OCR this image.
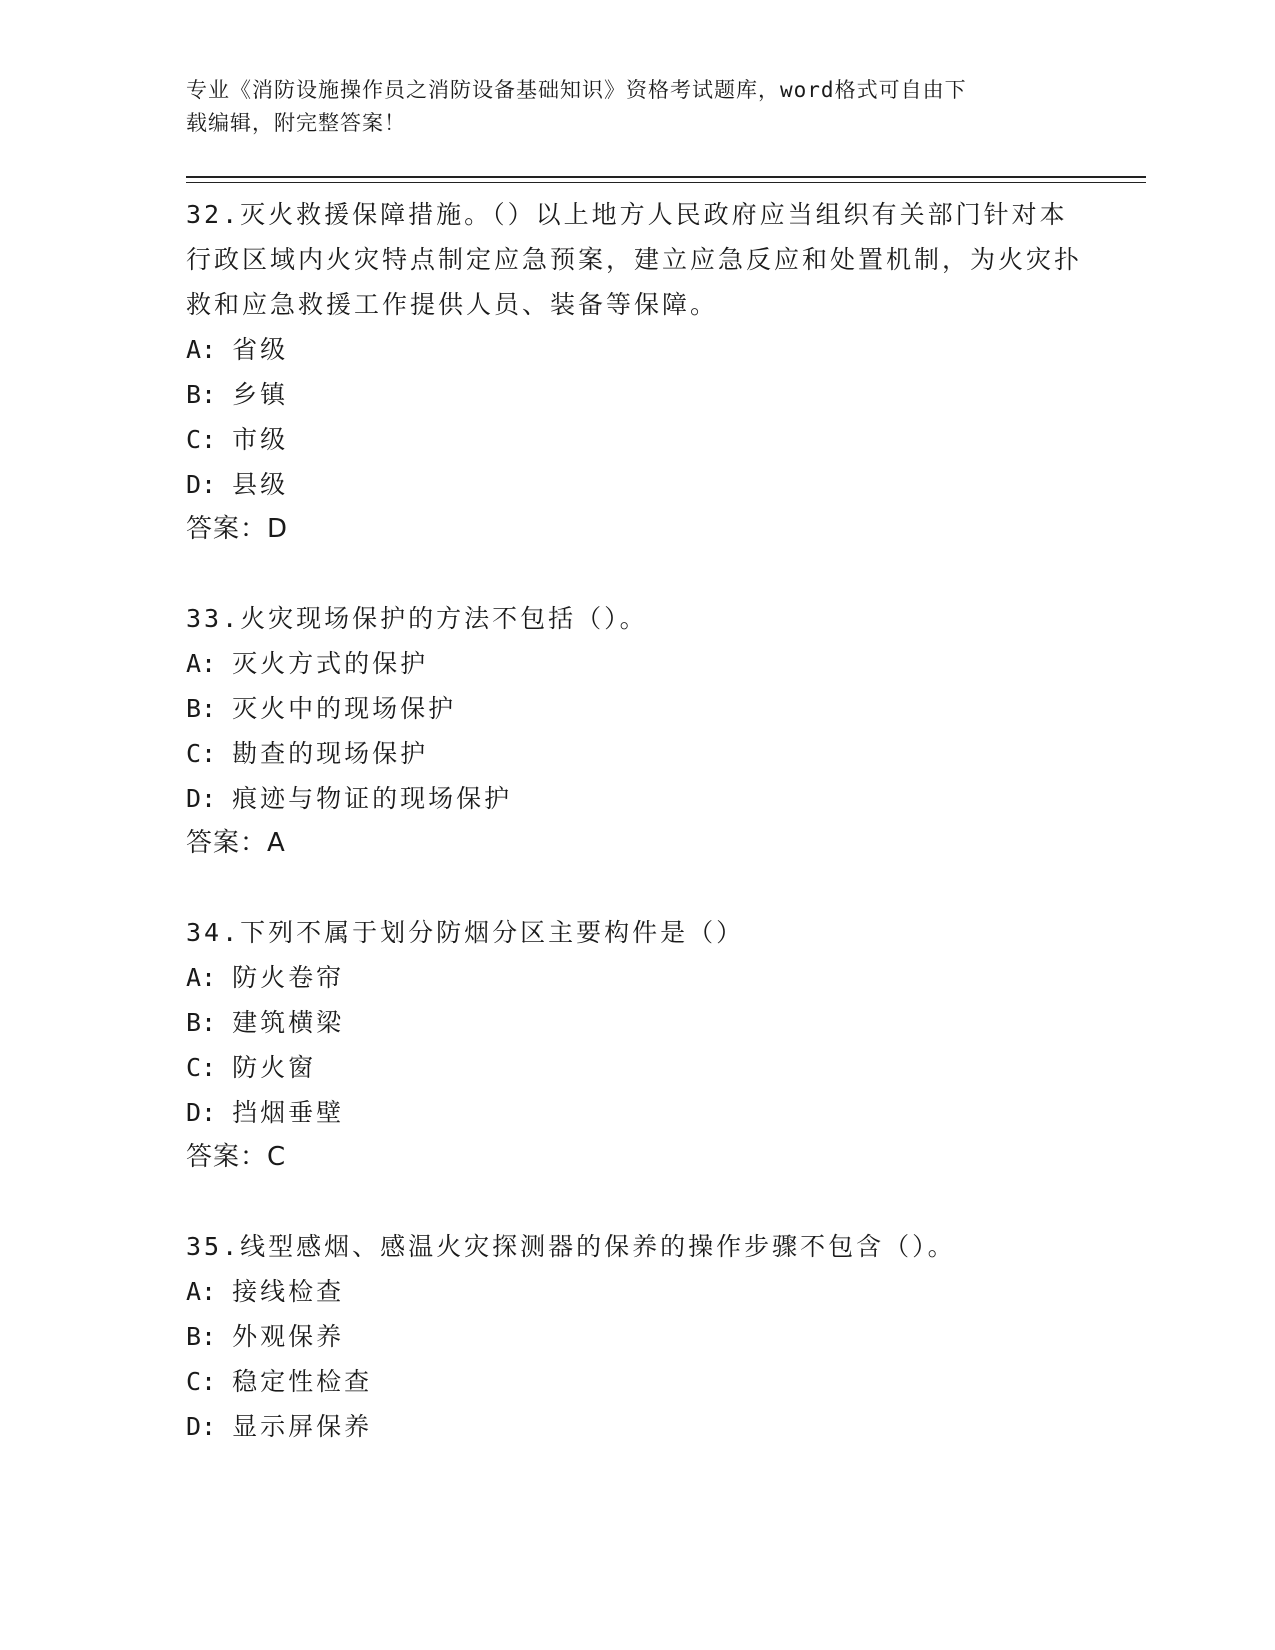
专业《消防设施操作员之消防设备基础知识》资格考试题库，word格式可自由下
载编辑，附完整答案！
32.灭火救援保障措施。（）以上地方人民政府应当组织有关部门针对本行政区域内火灾特点制定应急预案，建立应急反应和处置机制，为火灾扑救和应急救援工作提供人员、装备等保障。
A: 省级
B: 乡镇
C: 市级
D: 县级
答案：D
33.火灾现场保护的方法不包括（）。
A: 灭火方式的保护
B: 灭火中的现场保护
C: 勘查的现场保护
D: 痕迹与物证的现场保护
答案：A
34.下列不属于划分防烟分区主要构件是（）
A: 防火卷帘
B: 建筑横梁
C: 防火窗
D: 挡烟垂壁
答案：C
35.线型感烟、感温火灾探测器的保养的操作步骤不包含（）。
A: 接线检查
B: 外观保养
C: 稳定性检查
D: 显示屏保养
